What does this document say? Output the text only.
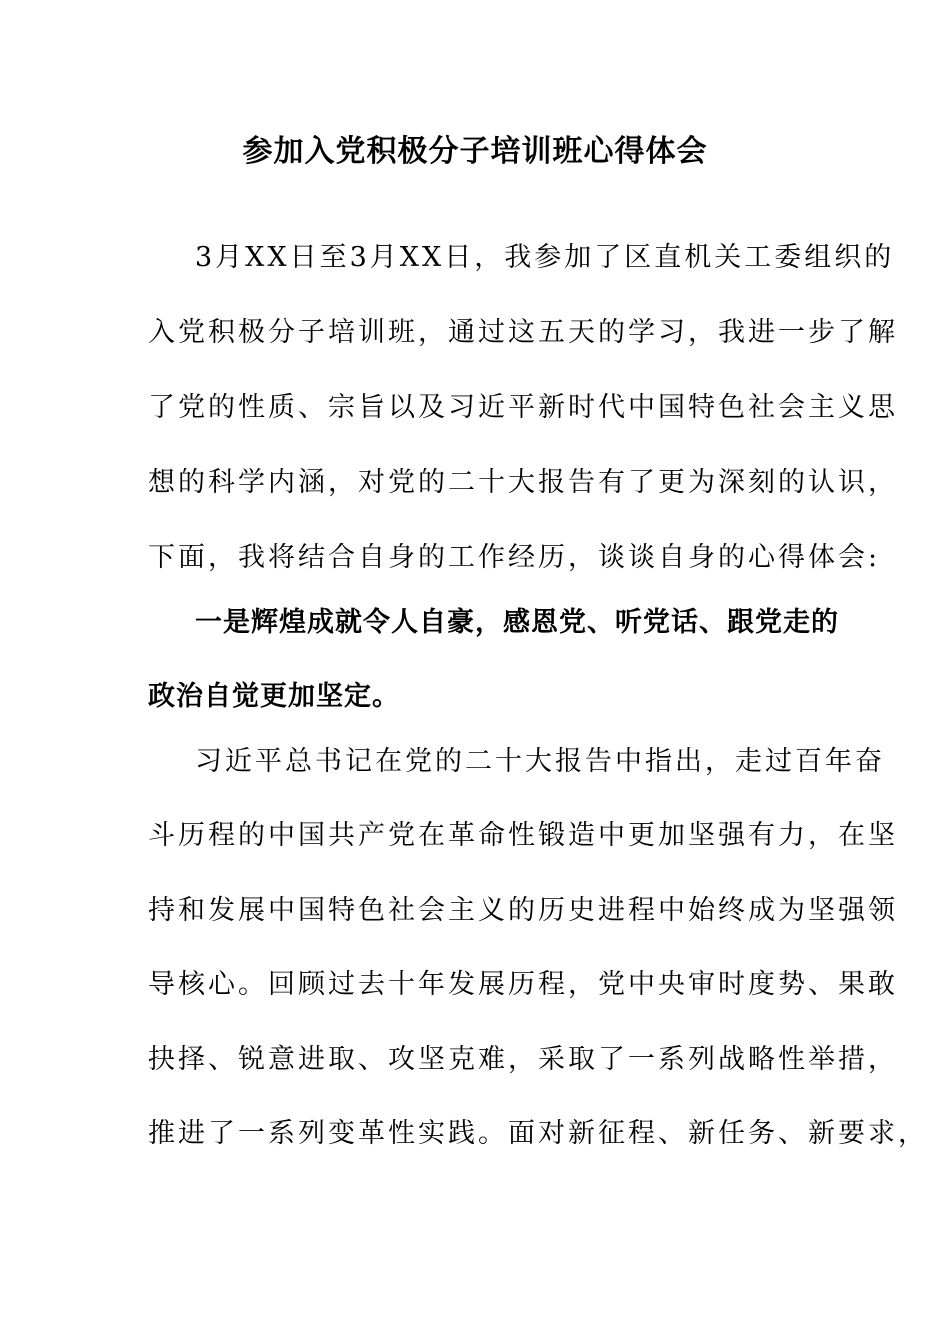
参加入党积极分子培训班心得体会
3月XX日至3月XX日，我参加了区直机关工委组织的
入党积极分子培训班，通过这五天的学习，我进一步了解
了党的性质、宗旨以及习近平新时代中国特色社会主义思
想的科学内涵，对党的二十大报告有了更为深刻的认识，
下面，我将结合自身的工作经历，谈谈自身的心得体会:
一是辉煌成就令人自豪，感恩党、听党话、跟党走的
政治自觉更加坚定。
习近平总书记在党的二十大报告中指出，走过百年奋
斗历程的中国共产党在革命性锻造中更加坚强有力，在坚
持和发展中国特色社会主义的历史进程中始终成为坚强领
导核心。回顾过去十年发展历程，党中央审时度势、果敢
抉择、锐意进取、攻坚克难，采取了一系列战略性举措，
推进了一系列变革性实践。面对新征程、新任务、新要求，
